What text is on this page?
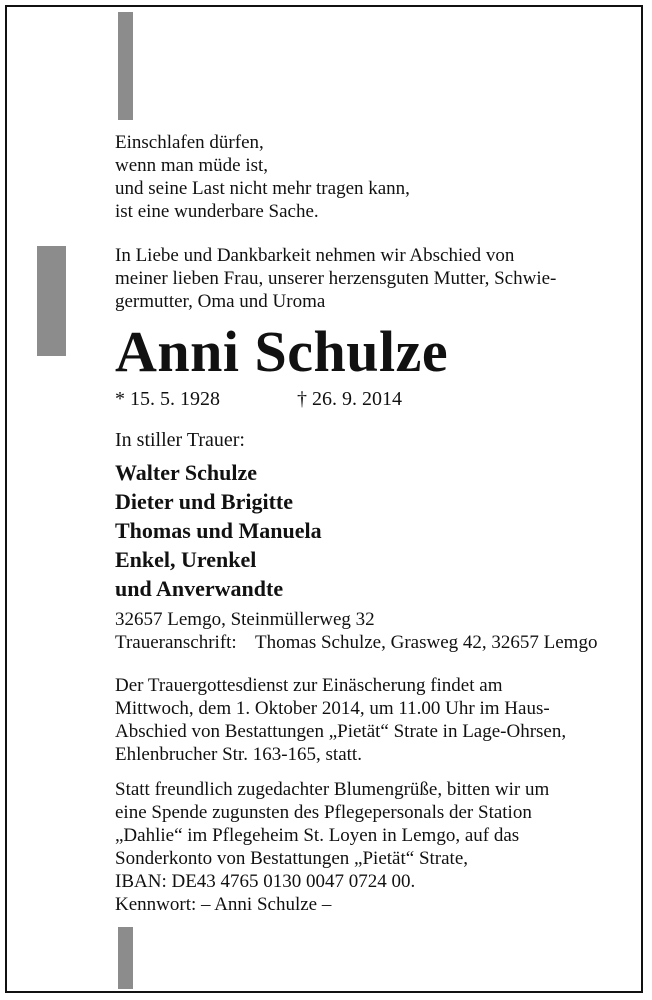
Einschlafen dürfen,
wenn man müde ist,
und seine Last nicht mehr tragen kann,
ist eine wunderbare Sache.
In Liebe und Dankbarkeit nehmen wir Abschied von
meiner lieben Frau, unserer herzensguten Mutter, Schwie-
germutter, Oma und Uroma
Anni Schulze
* 15. 5. 1928	† 26. 9. 2014
In stiller Trauer:
Walter Schulze
Dieter und Brigitte
Thomas und Manuela
Enkel, Urenkel
und Anverwandte
32657 Lemgo, Steinmüllerweg 32
Traueranschrift: Thomas Schulze, Grasweg 42, 32657 Lemgo
Der Trauergottesdienst zur Einäscherung findet am
Mittwoch, dem 1. Oktober 2014, um 11.00 Uhr im Haus-
Abschied von Bestattungen „Pietät“ Strate in Lage-Ohrsen,
Ehlenbrucher Str. 163-165, statt.
Statt freundlich zugedachter Blumengrüße, bitten wir um
eine Spende zugunsten des Pflegepersonals der Station
„Dahlie“ im Pflegeheim St. Loyen in Lemgo, auf das
Sonderkonto von Bestattungen „Pietät“ Strate,
IBAN: DE43 4765 0130 0047 0724 00.
Kennwort: – Anni Schulze –
